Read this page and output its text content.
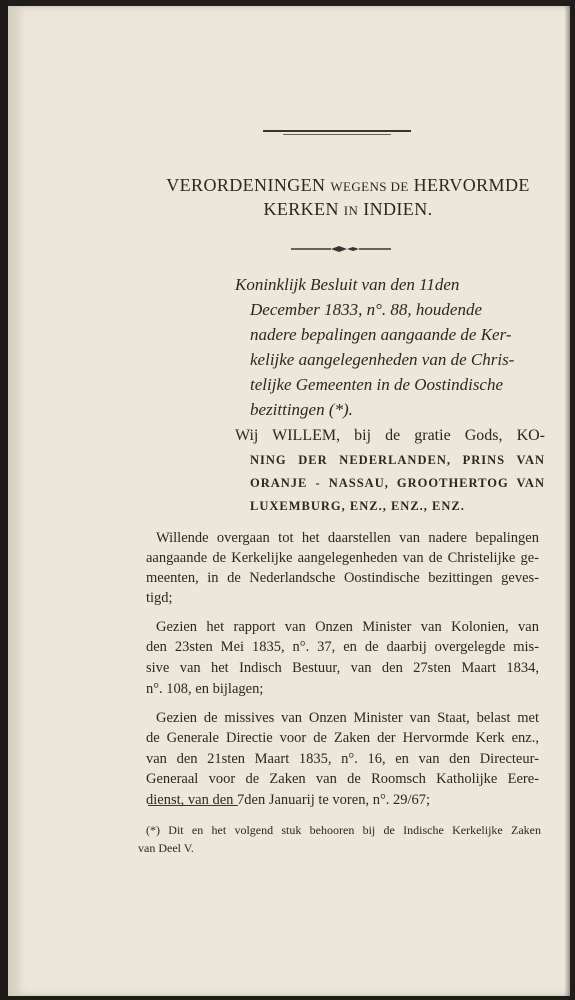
VERORDENINGEN WEGENS DE HERVORMDE
KERKEN IN INDIEN.
Koninklijk Besluit van den 11den
December 1833, n°. 88, houdende
nadere bepalingen aangaande de Ker-
kelijke aangelegenheden van de Chris-
telijke Gemeenten in de Oostindische
bezittingen (*).
Wij WILLEM, bij de gratie Gods, KO-
NING DER NEDERLANDEN, PRINS VAN
ORANJE - NASSAU, GROOTHERTOG VAN
LUXEMBURG, ENZ., ENZ., ENZ.
Willende overgaan tot het daarstellen van nadere bepalingen
aangaande de Kerkelijke aangelegenheden van de Christelijke ge-
meenten, in de Nederlandsche Oostindische bezittingen geves-
tigd;
Gezien het rapport van Onzen Minister van Kolonien, van
den 23sten Mei 1835, n°. 37, en de daarbij overgelegde mis-
sive van het Indisch Bestuur, van den 27sten Maart 1834,
n°. 108, en bijlagen;
Gezien de missives van Onzen Minister van Staat, belast met
de Generale Directie voor de Zaken der Hervormde Kerk enz.,
van den 21sten Maart 1835, n°. 16, en van den Directeur-
Generaal voor de Zaken van de Roomsch Katholijke Eere-
dienst, van den 7den Januarij te voren, n°. 29/67;
(*) Dit en het volgend stuk behooren bij de Indische Kerkelijke Zaken
van Deel V.
